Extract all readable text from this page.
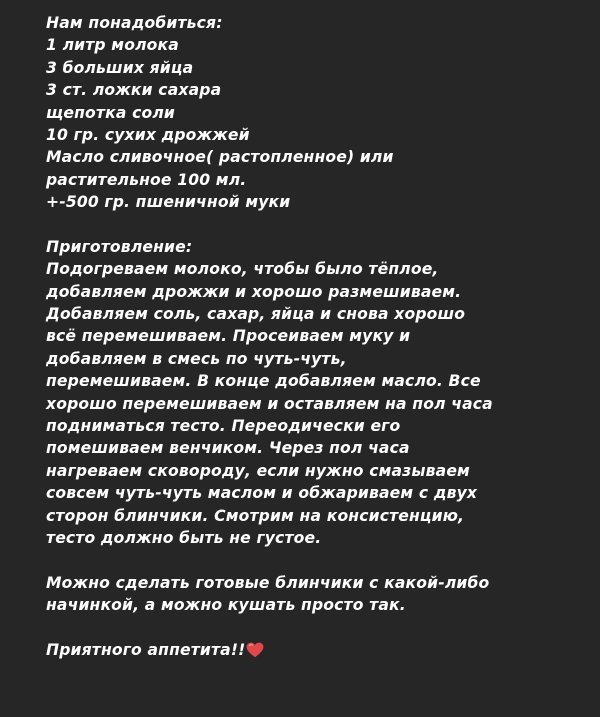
Нам понадобиться:
1 литр молока
3 больших яйца
3 ст. ложки сахара
щепотка соли
10 гр. сухих дрожжей
Масло сливочное( растопленное) или
растительное 100 мл.
+-500 гр. пшеничной муки
Приготовление:
Подогреваем молоко, чтобы было тёплое,
добавляем дрожжи и хорошо размешиваем.
Добавляем соль, сахар, яйца и снова хорошо
всё перемешиваем. Просеиваем муку и
добавляем в смесь по чуть-чуть,
перемешиваем. В конце добавляем масло. Все
хорошо перемешиваем и оставляем на пол часа
подниматься тесто. Переодически его
помешиваем венчиком. Через пол часа
нагреваем сковороду, если нужно смазываем
совсем чуть-чуть маслом и обжариваем с двух
сторон блинчики. Смотрим на консистенцию,
тесто должно быть не густое.
Можно сделать готовые блинчики с какой-либо
начинкой, а можно кушать просто так.
Приятного аппетита!!
